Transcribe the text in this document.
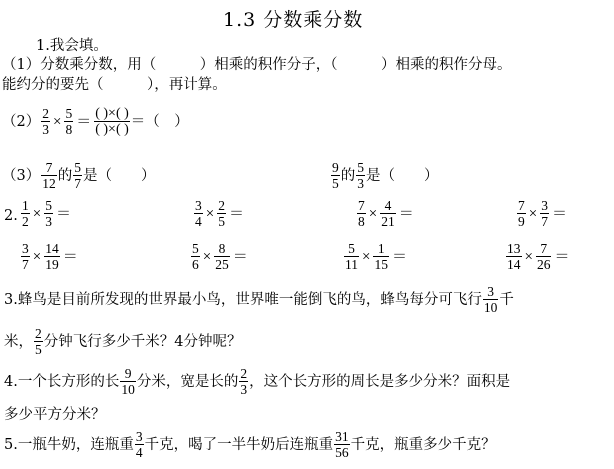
1.3 分数乘分数
1.我会填。
（1）分数乘分数，用（　　　）相乘的积作分子，（　　　）相乘的积作分母。
能约分的要先（　　　），再计算。
$(2) \frac{2}{3} \times \frac{5}{8} = \frac{( )\times( )}{( )\times( )}$ ＝（　）
$(3) \frac{7}{12}$ 的 $\frac{5}{7}$ 是（　　）	$\frac{9}{5}$ 的 $\frac{5}{3}$ 是（　　）
2. $\frac{1}{2} \times \frac{5}{3}$ ＝	$\frac{3}{4} \times \frac{2}{5}$ ＝	$\frac{7}{8} \times \frac{4}{21}$ ＝	$\frac{7}{9} \times \frac{3}{7}$ ＝
$\frac{3}{7} \times \frac{14}{19}$ ＝	$\frac{5}{6} \times \frac{8}{25}$ ＝	$\frac{5}{11} \times \frac{1}{15}$ ＝	$\frac{13}{14} \times \frac{7}{26}$ ＝
3.蜂鸟是目前所发现的世界最小鸟，世界唯一能倒飞的鸟，蜂鸟每分可飞行 $\frac{3}{10}$ 千
米， $\frac{2}{5}$ 分钟飞行多少千米？4分钟呢？
4.一个长方形的长 $\frac{9}{10}$ 分米，宽是长的 $\frac{2}{3}$ ，这个长方形的周长是多少分米？面积是
多少平方分米？
5.一瓶牛奶，连瓶重 $\frac{3}{4}$ 千克，喝了一半牛奶后连瓶重 $\frac{31}{56}$ 千克，瓶重多少千克？
